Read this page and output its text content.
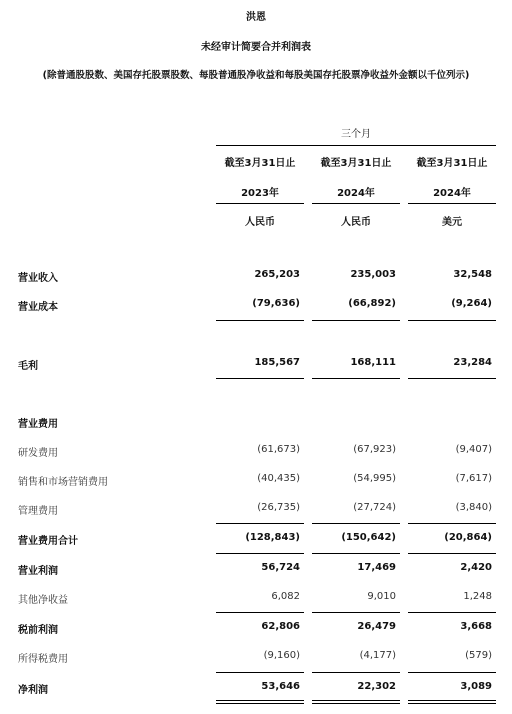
洪恩
未经审计简要合并利润表
(除普通股股数、美国存托股票股数、每股普通股净收益和每股美国存托股票净收益外金额以千位列示)
三个月
截至3月31日止	截至3月31日止	截至3月31日止
2023年	2024年	2024年
人民币	人民币	美元
营业收入	265,203	235,003	32,548
营业成本	(79,636)	(66,892)	(9,264)
毛利	185,567	168,111	23,284
营业费用
研发费用	(61,673)	(67,923)	(9,407)
销售和市场营销费用	(40,435)	(54,995)	(7,617)
管理费用	(26,735)	(27,724)	(3,840)
营业费用合计	(128,843)	(150,642)	(20,864)
营业利润	56,724	17,469	2,420
其他净收益	6,082	9,010	1,248
税前利润	62,806	26,479	3,668
所得税费用	(9,160)	(4,177)	(579)
净利润	53,646	22,302	3,089
